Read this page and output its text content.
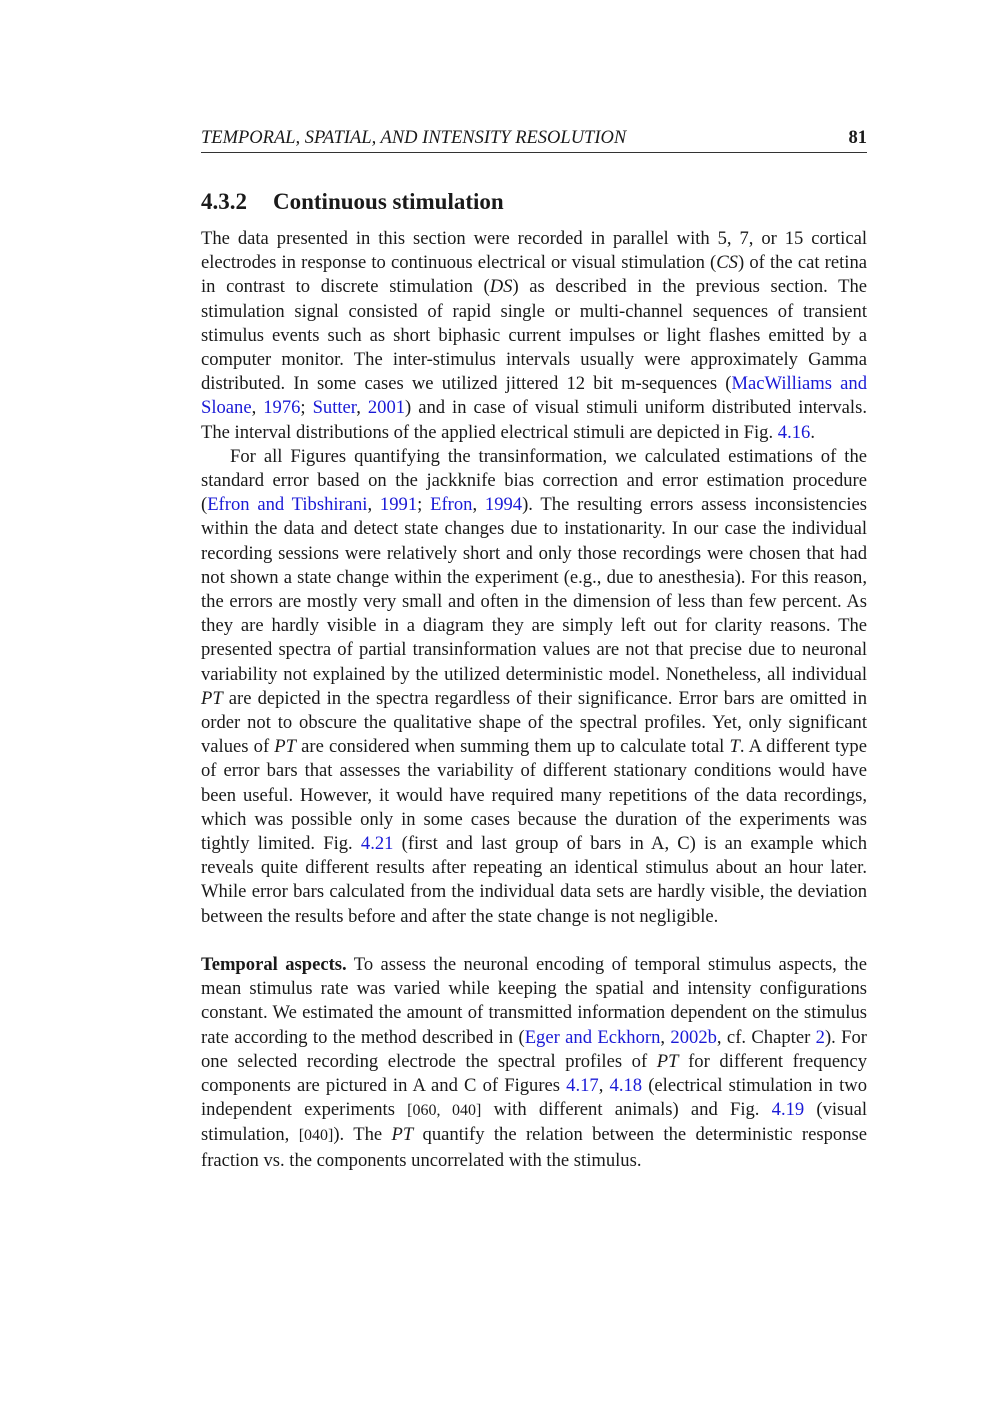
TEMPORAL, SPATIAL, AND INTENSITY RESOLUTION	81
4.3.2 Continuous stimulation

The data presented in this section were recorded in parallel with 5, 7, or 15 cortical electrodes in response to continuous electrical or visual stimulation (CS) of the cat retina in contrast to discrete stimulation (DS) as described in the previous section. The stimulation signal consisted of rapid single or multi-channel sequences of transient stimulus events such as short biphasic current impulses or light flashes emitted by a computer monitor. The inter-stimulus intervals usually were approximately Gamma distributed. In some cases we utilized jittered 12 bit m-sequences (MacWilliams and Sloane, 1976; Sutter, 2001) and in case of visual stimuli uniform distributed intervals. The interval distributions of the applied electrical stimuli are depicted in Fig. 4.16.

For all Figures quantifying the transinformation, we calculated estimations of the standard error based on the jackknife bias correction and error estimation procedure (Efron and Tibshirani, 1991; Efron, 1994). The resulting errors assess inconsistencies within the data and detect state changes due to instationarity. In our case the individual recording sessions were relatively short and only those recordings were chosen that had not shown a state change within the experiment (e.g., due to anesthesia). For this reason, the errors are mostly very small and often in the dimension of less than few percent. As they are hardly visible in a diagram they are simply left out for clarity reasons. The presented spectra of partial transinformation values are not that precise due to neuronal variability not explained by the utilized deterministic model. Nonetheless, all individual PT are depicted in the spectra regardless of their significance. Error bars are omitted in order not to obscure the qualitative shape of the spectral profiles. Yet, only significant values of PT are considered when summing them up to calculate total T. A different type of error bars that assesses the variability of different stationary conditions would have been useful. However, it would have required many repetitions of the data recordings, which was possible only in some cases because the duration of the experiments was tightly limited. Fig. 4.21 (first and last group of bars in A, C) is an example which reveals quite different results after repeating an identical stimulus about an hour later. While error bars calculated from the individual data sets are hardly visible, the deviation between the results before and after the state change is not negligible.

Temporal aspects. To assess the neuronal encoding of temporal stimulus aspects, the mean stimulus rate was varied while keeping the spatial and intensity configurations constant. We estimated the amount of transmitted information dependent on the stimulus rate according to the method described in (Eger and Eckhorn, 2002b, cf. Chapter 2). For one selected recording electrode the spectral profiles of PT for different frequency components are pictured in A and C of Figures 4.17, 4.18 (electrical stimulation in two independent experiments [060, 040] with different animals) and Fig. 4.19 (visual stimulation, [040]). The PT quantify the relation between the deterministic response fraction vs. the components uncorrelated with the stimulus.
